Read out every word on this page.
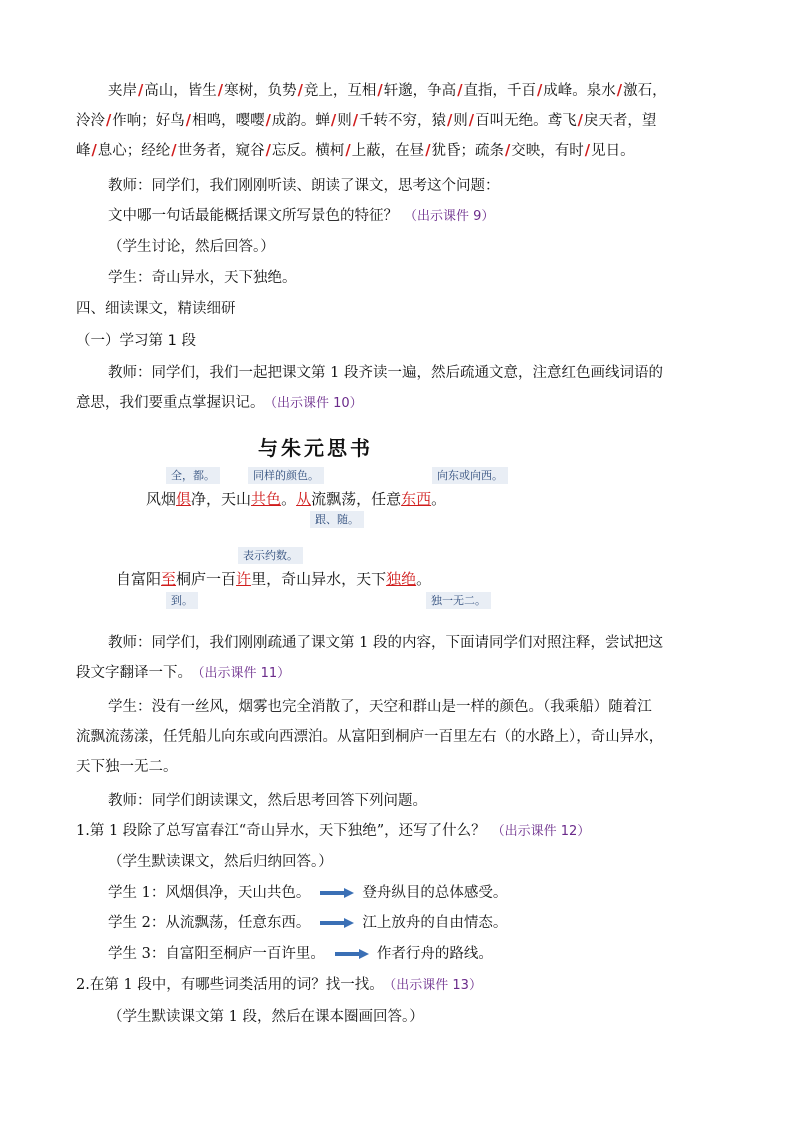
夹岸/高山，皆生/寒树，负势/竞上，互相/轩邈，争高/直指，千百/成峰。泉水/激石，
泠泠/作响；好鸟/相鸣，嘤嘤/成韵。蝉/则/千转不穷，猿/则/百叫无绝。鸢飞/戾天者，望
峰/息心；经纶/世务者，窥谷/忘反。横柯/上蔽，在昼/犹昏；疏条/交映，有时/见日。
教师：同学们，我们刚刚听读、朗读了课文，思考这个问题：
文中哪一句话最能概括课文所写景色的特征？ （出示课件 9）
（学生讨论，然后回答。）
学生：奇山异水，天下独绝。
四、细读课文，精读细研
（一）学习第 1 段
教师：同学们，我们一起把课文第 1 段齐读一遍，然后疏通文意，注意红色画线词语的
意思，我们要重点掌握识记。 （出示课件 10）
与朱元思书
全，都。	同样的颜色。	向东或向西。
风烟俱净，天山共色。从流飘荡，任意东西。
跟、随。
表示约数。
自富阳至桐庐一百许里，奇山异水，天下独绝。
到。	独一无二。
教师：同学们，我们刚刚疏通了课文第 1 段的内容，下面请同学们对照注释，尝试把这
段文字翻译一下。 （出示课件 11）
学生：没有一丝风，烟雾也完全消散了，天空和群山是一样的颜色。（我乘船）随着江
流飘流荡漾，任凭船儿向东或向西漂泊。从富阳到桐庐一百里左右（的水路上），奇山异水，
天下独一无二。
教师：同学们朗读课文，然后思考回答下列问题。
1.第 1 段除了总写富春江“奇山异水，天下独绝”，还写了什么？ （出示课件 12）
（学生默读课文，然后归纳回答。）
学生 1：风烟俱净，天山共色。	登舟纵目的总体感受。
学生 2：从流飘荡，任意东西。	江上放舟的自由情态。
学生 3：自富阳至桐庐一百许里。	作者行舟的路线。
2.在第 1 段中，有哪些词类活用的词？找一找。 （出示课件 13）
（学生默读课文第 1 段，然后在课本圈画回答。）
